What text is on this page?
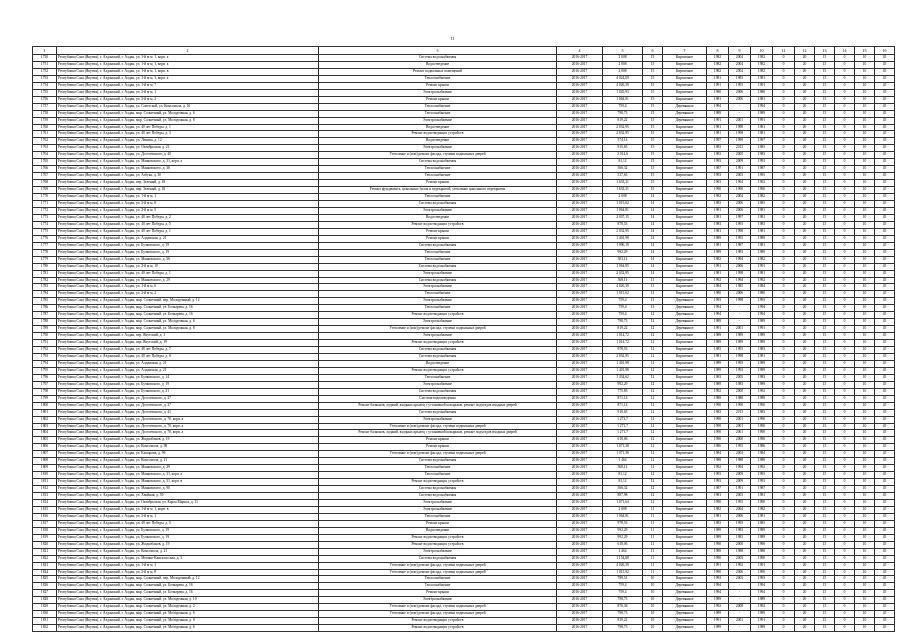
11
1	2	3	4	5	6	7	8	9	10	11	12	13	14	15	16
1750	Республика Саха (Якутия), г. Алданский, г. Алдан, ул. 1-й м-н, 1, корп. а	Система водоснабжения	2016-2017	2 008	15	Кирпичное	1982	2004	1982	0	20	15	0	10	45
1751	Республика Саха (Якутия), г. Алданский, г. Алдан, ул. 1-й м-н, 1, корп. а	Водоотведение	2016-2017	2 008	15	Кирпичное	1982	2004	1982	0	20	15	0	10	45
1752	Республика Саха (Якутия), г. Алданский, г. Алдан, ул. 1-й м-н, 1, корп. в	Ремонт подвальных помещений	2016-2017	2 008	15	Кирпичное	1982	2004	1982	0	20	15	0	10	45
1753	Республика Саха (Якутия), г. Алданский, г. Алдан, ул. 1-й м-н, 3, корп. а	Теплоснабжение	2016-2017	4 024,09	15	Кирпичное	1981	1983	1981	0	20	15	0	10	45
1754	Республика Саха (Якутия), г. Алданский, г. Алдан, ул. 1-й м-н, 7	Ремонт крыши	2016-2017	4 026,39	15	Кирпичное	1991	1993	1991	0	20	15	0	10	45
1755	Республика Саха (Якутия), г. Алданский, г. Алдан, ул. 2-й м-н, 1	Электроснабжение	2016-2017	1 045,93	15	Кирпичное	1980	2006	1980	0	20	15	0	10	45
1756	Республика Саха (Якутия), г. Алданский, г. Алдан, ул. 2-й м-н, 2	Ремонт крыши	2016-2017	1 064,81	15	Кирпичное	1981	2006	1981	0	20	15	0	10	45
1757	Республика Саха (Якутия), г. Алданский, г. Алдан, ул. Советской, ул. Комсомола, д. 16	Теплоснабжение	2016-2017	759,4	15	Деревянное	1994	-	1994	0	20	15	0	10	45
1758	Республика Саха (Якутия), г. Алданский, г. Алдан, мкр. Солнечный, ул. Молодежная, д. 6	Теплоснабжение	2016-2017	798,73	15	Деревянное	1989	-	1989	0	20	15	0	10	45
1759	Республика Саха (Якутия), г. Алданский, г. Алдан, мкр. Солнечный, ул. Молодежная, д. 8	Электроснабжение	2016-2017	819,22	15	Деревянное	1991	2001	1991	0	20	15	0	10	45
1760	Республика Саха (Якутия), г. Алданский, г. Алдан, ул. 40 лет Победы, д. 1	Водоотведение	2016-2017	2 032,95	15	Кирпичное	1981	1998	1981	0	20	15	0	10	45
1761	Республика Саха (Якутия), г. Алданский, г. Алдан, ул. 40 лет Победы, д. 3	Ремонт водоотводящих устройств	2016-2017	2 032,95	15	Кирпичное	1981	1998	1981	0	20	15	0	10	45
1762	Республика Саха (Якутия), г. Алданский, г. Алдан, ул. Ленина, д. 12	Водоотведение	2016-2017	574,14	15	Кирпичное	1997	1999	1997	0	20	15	0	10	45
1763	Республика Саха (Якутия), г. Алданский, г. Алдан, ул. Октябрьская, д. 21	Электроснабжение	2016-2017	915,65	15	Кирпичное	1983	2013	1983	0	20	15	0	10	45
1764	Республика Саха (Якутия), г. Алданский, г. Алдан, ул. Достоевского, д. 40	Утепление и (или) ремонт фасада, ступени подвальных дверей	2016-2017	2 014,6	15	Кирпичное	1983	2005	1983	0	20	15	0	10	45
1765	Республика Саха (Якутия), г. Алданский, г. Алдан, ул. Маяковского, д. 31, корп. а	Система водоснабжения	2016-2017	81,12	15	Кирпичное	1993	2009	1993	0	20	15	0	10	45
1766	Республика Саха (Якутия), г. Алданский, г. Алдан, ул. Маяковского, д. 36	Теплоснабжение	2016-2017	566,32	15	Кирпичное	1987	1991	1987	0	20	15	0	10	45
1767	Республика Саха (Якутия), г. Алданский, г. Алдан, ул. Азбука, д. 30	Теплоснабжение	2016-2017	517,63	15	Кирпичное	1993	2003	1993	0	20	15	0	10	45
1768	Республика Саха (Якутия), г. Алданский, г. Алдан, пер. Зеленый, д. 18	Ремонт крыши	2016-2017	1 633,31	15	Кирпичное	1963	1964	1963	0	20	15	0	10	45
1769	Республика Саха (Якутия), г. Алданский, г. Алдан, пер. Зеленый, д. 18	Ремонт фундамента, цокольных балок и перекрытий, утепление цокольного перекрытия	2016-2017	1 633,31	15	Кирпичное	1990	1990	1990	0	20	15	0	10	45
1770	Республика Саха (Якутия), г. Алданский, г. Алдан, ул. 1-й м-н, 1	Теплоснабжение	2016-2017	2 008	14	Кирпичное	1982	2004	1982	0	20	15	0	10	45
1771	Республика Саха (Якутия), г. Алданский, г. Алдан, ул. 2-й м-н, 8	Система водоснабжения	2016-2017	1 015,62	14	Кирпичное	1983	2006	1983	0	20	15	0	10	45
1772	Республика Саха (Якутия), г. Алданский, г. Алдан, ул. 2-й м-н, 5	Электроснабжение	2016-2017	1 064,81	14	Кирпичное	1981	2006	1981	0	20	15	0	10	45
1773	Республика Саха (Якутия), г. Алданский, г. Алдан, ул. 40 лет Победы, д. 2	Водоотведение	2016-2017	2 037,15	14	Кирпичное	1981	1997	1981	0	20	15	0	10	45
1774	Республика Саха (Якутия), г. Алданский, г. Алдан, ул. 40 лет Победы, д. 5	Ремонт водоотводящих устройств	2016-2017	878,53	14	Кирпичное	1983	1993	1983	0	20	15	0	10	45
1775	Республика Саха (Якутия), г. Алданский, г. Алдан, ул. 40 лет Победы, д. 1	Ремонт крыши	2016-2017	2 032,95	14	Кирпичное	1981	1998	1981	0	20	15	0	10	45
1776	Республика Саха (Якутия), г. Алданский, г. Алдан, ул. Алданская, д. 21	Ремонт крыши	2016-2017	1 401,98	14	Кирпичное	1989	1993	1989	0	20	15	0	10	45
1777	Республика Саха (Якутия), г. Алданский, г. Алдан, ул. Бучковского, д. 19	Система водоснабжения	2016-2017	1 096,19	14	Кирпичное	1981	1987	1981	0	20	15	0	10	45
1778	Республика Саха (Якутия), г. Алданский, г. Алдан, ул. Бучковского, д. 19	Теплоснабжение	2016-2017	992,29	14	Кирпичное	1989	1983	1989	0	20	15	0	10	45
1779	Республика Саха (Якутия), г. Алданский, г. Алдан, ул. Маяковского, д. 56	Теплоснабжение	2016-2017	503,11	14	Кирпичное	1982	1994	1982	0	20	15	0	10	45
1780	Республика Саха (Якутия), г. Алданский, г. Алдан, ул. 2-й м-н, 10	Система водоснабжения	2016-2017	1 064,85	14	Кирпичное	1991	2006	1991	0	20	15	0	10	45
1781	Республика Саха (Якутия), г. Алданский, г. Алдан, ул. 40 лет Победы, д. 1	Электроснабжение	2016-2017	2 032,95	14	Кирпичное	1981	1998	1981	0	20	15	0	10	45
1782	Республика Саха (Якутия), г. Алданский, г. Алдан, ул. Маяковского, д. 29	Система водоснабжения	2016-2017	568,11	13	Кирпичное	1992	1994	1992	0	20	15	0	10	45
1783	Республика Саха (Якутия), г. Алданский, г. Алдан, ул. 1-й м-н, 6	Электроснабжение	2016-2017	4 026,39	13	Кирпичное	1984	1985	1984	0	20	15	0	10	45
1784	Республика Саха (Якутия), г. Алданский, г. Алдан, ул. 2-й м-н, 2	Теплоснабжение	2016-2017	1 015,62	13	Кирпичное	1980	2006	1980	0	20	15	0	10	45
1785	Республика Саха (Якутия), г. Алданский, г. Алдан, мкр. Солнечный, пер. Молодежный, д. 12	Электроснабжение	2016-2017	759,4	13	Деревянное	1993	1998	1993	0	20	15	0	10	45
1786	Республика Саха (Якутия), г. Алданский, г. Алдан, мкр. Солнечный, ул. Бочкарева, д. 16	Теплоснабжение	2016-2017	759,4	13	Деревянное	1994	-	1994	0	20	15	0	10	45
1787	Республика Саха (Якутия), г. Алданский, г. Алдан, мкр. Солнечный, ул. Бочкарева, д. 16	Ремонт водоотводящих устройств	2016-2017	759,4	12	Деревянное	1994	-	1994	0	20	15	0	10	45
1788	Республика Саха (Якутия), г. Алданский, г. Алдан, мкр. Солнечный, ул. Молодежная, д. 6	Электроснабжение	2016-2017	798,73	12	Деревянное	1989	-	1989	0	20	15	0	10	45
1789	Республика Саха (Якутия), г. Алданский, г. Алдан, мкр. Солнечный, ул. Молодежная, д. 8	Утепление и (или) ремонт фасада, ступени подвальных дверей	2016-2017	819,22	12	Деревянное	1991	2001	1991	0	20	15	0	10	45
1790	Республика Саха (Якутия), г. Алданский, г. Алдан, пер. Якутский, д. 1	Электроснабжение	2016-2017	1 014,72	12	Кирпичное	1989	1989	1989	0	20	15	0	10	45
1791	Республика Саха (Якутия), г. Алданский, г. Алдан, пер. Якутский, д. 19	Ремонт водоотводящих устройств	2016-2017	1 014,72	12	Кирпичное	1989	1989	1989	0	20	15	0	10	45
1792	Республика Саха (Якутия), г. Алданский, г. Алдан, ул. 40 лет Победы, д. 7	Система водоснабжения	2016-2017	978,53	12	Кирпичное	1983	1993	1983	0	20	15	0	10	45
1793	Республика Саха (Якутия), г. Алданский, г. Алдан, ул. 40 лет Победы, д. 8	Система водоснабжения	2016-2017	2 032,95	12	Кирпичное	1981	1998	1981	0	20	15	0	10	45
1794	Республика Саха (Якутия), г. Алданский, г. Алдан, ул. Алданская, д. 21	Водоотведение	2016-2017	1 401,98	12	Кирпичное	1989	1993	1989	0	20	15	0	10	45
1795	Республика Саха (Якутия), г. Алданский, г. Алдан, ул. Алданская, д. 21	Ремонт водоотводящих устройств	2016-2017	1 401,98	12	Кирпичное	1989	1993	1989	0	20	15	0	10	45
1796	Республика Саха (Якутия), г. Алданский, г. Алдан, ул. Бучковского, д. 14	Теплоснабжение	2016-2017	1 434,62	12	Кирпичное	1983	2005	1983	0	20	15	0	10	45
1797	Республика Саха (Якутия), г. Алданский, г. Алдан, ул. Бучковского, д. 19	Электроснабжение	2016-2017	992,29	12	Кирпичное	1989	1983	1989	0	20	15	0	10	45
1798	Республика Саха (Якутия), г. Алданский, г. Алдан, ул. Бучковского, д. 21	Система водоснабжения	2016-2017	775,85	12	Кирпичное	1992	2000	1992	0	20	15	0	10	45
1799	Республика Саха (Якутия), г. Алданский, г. Алдан, ул. Достоевского, д. 27	Система водоотведения	2016-2017	871,14	12	Кирпичное	1988	1988	1988	0	20	15	0	10	45
1800	Республика Саха (Якутия), г. Алданский, г. Алдан, ул. Достоевского, д. 27	Ремонт балконов, лоджий, входных крылец с установкой козырьков, ремонт подъездов входных дверей	2016-2017	871,14	12	Кирпичное	1990	1990	1990	0	20	15	0	10	45
1801	Республика Саха (Якутия), г. Алданский, г. Алдан, ул. Достоевского, д. 41	Система водоснабжения	2016-2017	910,65	12	Кирпичное	1983	2013	1983	0	20	15	0	10	45
1802	Республика Саха (Якутия), г. Алданский, г. Алдан, ул. Достоевского, д. 70, корп. а	Электроснабжение	2016-2017	1 271,7	12	Кирпичное	1990	2001	1990	0	20	15	0	10	45
1803	Республика Саха (Якутия), г. Алданский, г. Алдан, ул. Достоевского, д. 70, корп. а	Утепление и (или) ремонт фасада, ступени подвальных дверей	2016-2017	1 271,7	12	Кирпичное	1990	2001	1990	0	20	15	0	10	45
1804	Республика Саха (Якутия), г. Алданский, г. Алдан, ул. Достоевского, д. 70, корп. а	Ремонт балконов, лоджий, входных крылец с установкой козырьков, ремонт подъездов входных дверей	2016-2017	1 271,7	12	Кирпичное	1990	2001	1990	0	20	15	0	10	45
1805	Республика Саха (Якутия), г. Алданский, г. Алдан, ул. Жидкобанов, д. 19	Ремонт крыши	2016-2017	618,06	12	Кирпичное	1990	2000	1990	0	20	15	0	10	45
1806	Республика Саха (Якутия), г. Алданский, г. Алдан, ул. Комсомола, д. 98	Ремонт крыши	2016-2017	1 071,38	12	Кирпичное	1986	1993	1986	0	20	15	0	10	45
1807	Республика Саха (Якутия), г. Алданский, г. Алдан, ул. Кашарова, д. 96	Утепление и (или) ремонт фасада, ступени подвальных дверей	2016-2017	1 071,38	12	Кирпичное	1984	2003	1984	0	20	15	0	10	45
1808	Республика Саха (Якутия), г. Алданский, г. Алдан, ул. Комсомола, д. 21	Система водоснабжения	2016-2017	1 464	12	Кирпичное	1988	1988	1988	0	20	15	0	10	45
1809	Республика Саха (Якутия), г. Алданский, г. Алдан, ул. Маяковского, д. 29	Теплоснабжение	2016-2017	568,11	12	Кирпичное	1992	1994	1992	0	20	15	0	10	45
1810	Республика Саха (Якутия), г. Алданский, г. Алдан, ул. Маяковского, д. 31, корп. а	Теплоснабжение	2016-2017	81,12	12	Кирпичное	1993	2009	1993	0	20	15	0	10	45
1811	Республика Саха (Якутия), г. Алданский, г. Алдан, ул. Маяковского, д. 31, корп. в	Ремонт водоотводящих устройств	2016-2017	81,12	12	Кирпичное	1993	2009	1993	0	20	15	0	10	45
1812	Республика Саха (Якутия), г. Алданский, г. Алдан, ул. Маяковского, д. 90	Система водоснабжения	2016-2017	566,32	12	Кирпичное	1987	1991	1987	0	20	15	0	10	45
1813	Республика Саха (Якутия), г. Алданский, г. Алдан, ул. Хвойная, д. 59	Система водоснабжения	2016-2017	887,98	12	Кирпичное	1981	2003	1981	0	20	15	0	10	45
1814	Республика Саха (Якутия), г. Алданский, г. Алдан, ул. Октябрьская, ул. Карла Маркса, д. 11	Электроснабжение	2016-2017	1 071,64	12	Кирпичное	1990	1993	1990	0	20	15	0	10	45
1815	Республика Саха (Якутия), г. Алданский, г. Алдан, ул. 1-й м-н, 1, корп. в	Электроснабжение	2016-2017	2 008	11	Кирпичное	1982	2004	1982	0	20	15	0	10	45
1816	Республика Саха (Якутия), г. Алданский, г. Алдан, ул. 2-й м-н, 1	Теплоснабжение	2016-2017	1 064,81	11	Кирпичное	1981	2006	1981	0	20	15	0	10	45
1817	Республика Саха (Якутия), г. Алданский, г. Алдан, ул. 40 лет Победы, д. 5	Ремонт крыши	2016-2017	978,53	11	Кирпичное	1983	1993	1983	0	20	15	0	10	45
1818	Республика Саха (Якутия), г. Алданский, г. Алдан, ул. Бучковского, д. 19	Водоотведение	2016-2017	992,29	11	Кирпичное	1989	1983	1989	0	20	15	0	10	45
1819	Республика Саха (Якутия), г. Алданский, г. Алдан, ул. Бучковского, д. 19	Ремонт водоотводящих устройств	2016-2017	992,29	11	Кирпичное	1989	1983	1989	0	20	15	0	10	45
1820	Республика Саха (Якутия), г. Алданский, г. Алдан, ул. Жидкобанов, д. 19	Ремонт водоотводящих устройств	2016-2017	618,06	11	Кирпичное	1990	2000	1990	0	20	15	0	10	45
1821	Республика Саха (Якутия), г. Алданский, г. Алдан, ул. Комсомола, д. 21	Электроснабжение	2016-2017	1 464	11	Кирпичное	1988	1988	1988	0	20	15	0	10	45
1822	Республика Саха (Якутия), г. Алданский, г. Алдан, ул. Мегино-Кангаласская, д. 3	Система водоснабжения	2016-2017	1 154,88	11	Кирпичное	1990	2005	1990	0	20	15	0	10	45
1823	Республика Саха (Якутия), г. Алданский, г. Алдан, ул. 1-й м-н, 1	Утепление и (или) ремонт фасада, ступени подвальных дверей	2016-2017	4 026,39	11	Кирпичное	1991	1992	1991	0	20	15	0	10	45
1824	Республика Саха (Якутия), г. Алданский, г. Алдан, ул. 2-й м-н, 8	Утепление и (или) ремонт фасада, ступени подвальных дверей	2016-2017	1 015,92	11	Кирпичное	1990	2006	1990	0	20	15	0	10	45
1825	Республика Саха (Якутия), г. Алданский, г. Алдан, мкр. Солнечный, пер. Молодежный, д. 12	Теплоснабжение	2016-2017	789,51	10	Кирпичное	1993	2005	1993	0	20	15	0	10	45
1826	Республика Саха (Якутия), г. Алданский, г. Алдан, мкр. Солнечный, ул. Бочкарева, д. 16	Теплоснабжение	2016-2017	759,4	10	Деревянное	1994	-	1994	0	20	15	0	10	45
1827	Республика Саха (Якутия), г. Алданский, г. Алдан, мкр. Солнечный, ул. Бочкарева, д. 16	Ремонт крыши	2016-2017	759,4	10	Деревянное	1994	-	1994	0	20	15	0	10	45
1828	Республика Саха (Якутия), г. Алданский, г. Алдан, мкр. Солнечный, ул. Молодежная, д. 10	Электроснабжение	2016-2017	798,73	10	Деревянное	1989	-	1989	0	20	15	0	10	45
1829	Республика Саха (Якутия), г. Алданский, г. Алдан, мкр. Солнечный, ул. Молодежная, д. 2	Утепление и (или) ремонт фасада, ступени подвальных дверей	2016-2017	876,36	10	Деревянное	1992	2008	1992	0	20	15	0	10	45
1830	Республика Саха (Якутия), г. Алданский, г. Алдан, мкр. Солнечный, ул. Молодежная, д. 6	Утепление и (или) ремонт фасада, ступени подвальных дверей	2016-2017	798,73	10	Деревянное	1989	-	1989	0	20	15	0	10	45
1831	Республика Саха (Якутия), г. Алданский, г. Алдан, мкр. Солнечный, ул. Молодежная, д. 8	Ремонт водоотводящих устройств	2016-2017	819,22	10	Деревянное	1991	2001	1991	0	20	15	0	10	45
1832	Республика Саха (Якутия), г. Алданский, г. Алдан, мкр. Солнечный, ул. Молодежная, д. 6	Ремонт водоотводящих устройств	2016-2017	798,73	10	Деревянное	1989	-	1989	0	20	15	0	10	45
